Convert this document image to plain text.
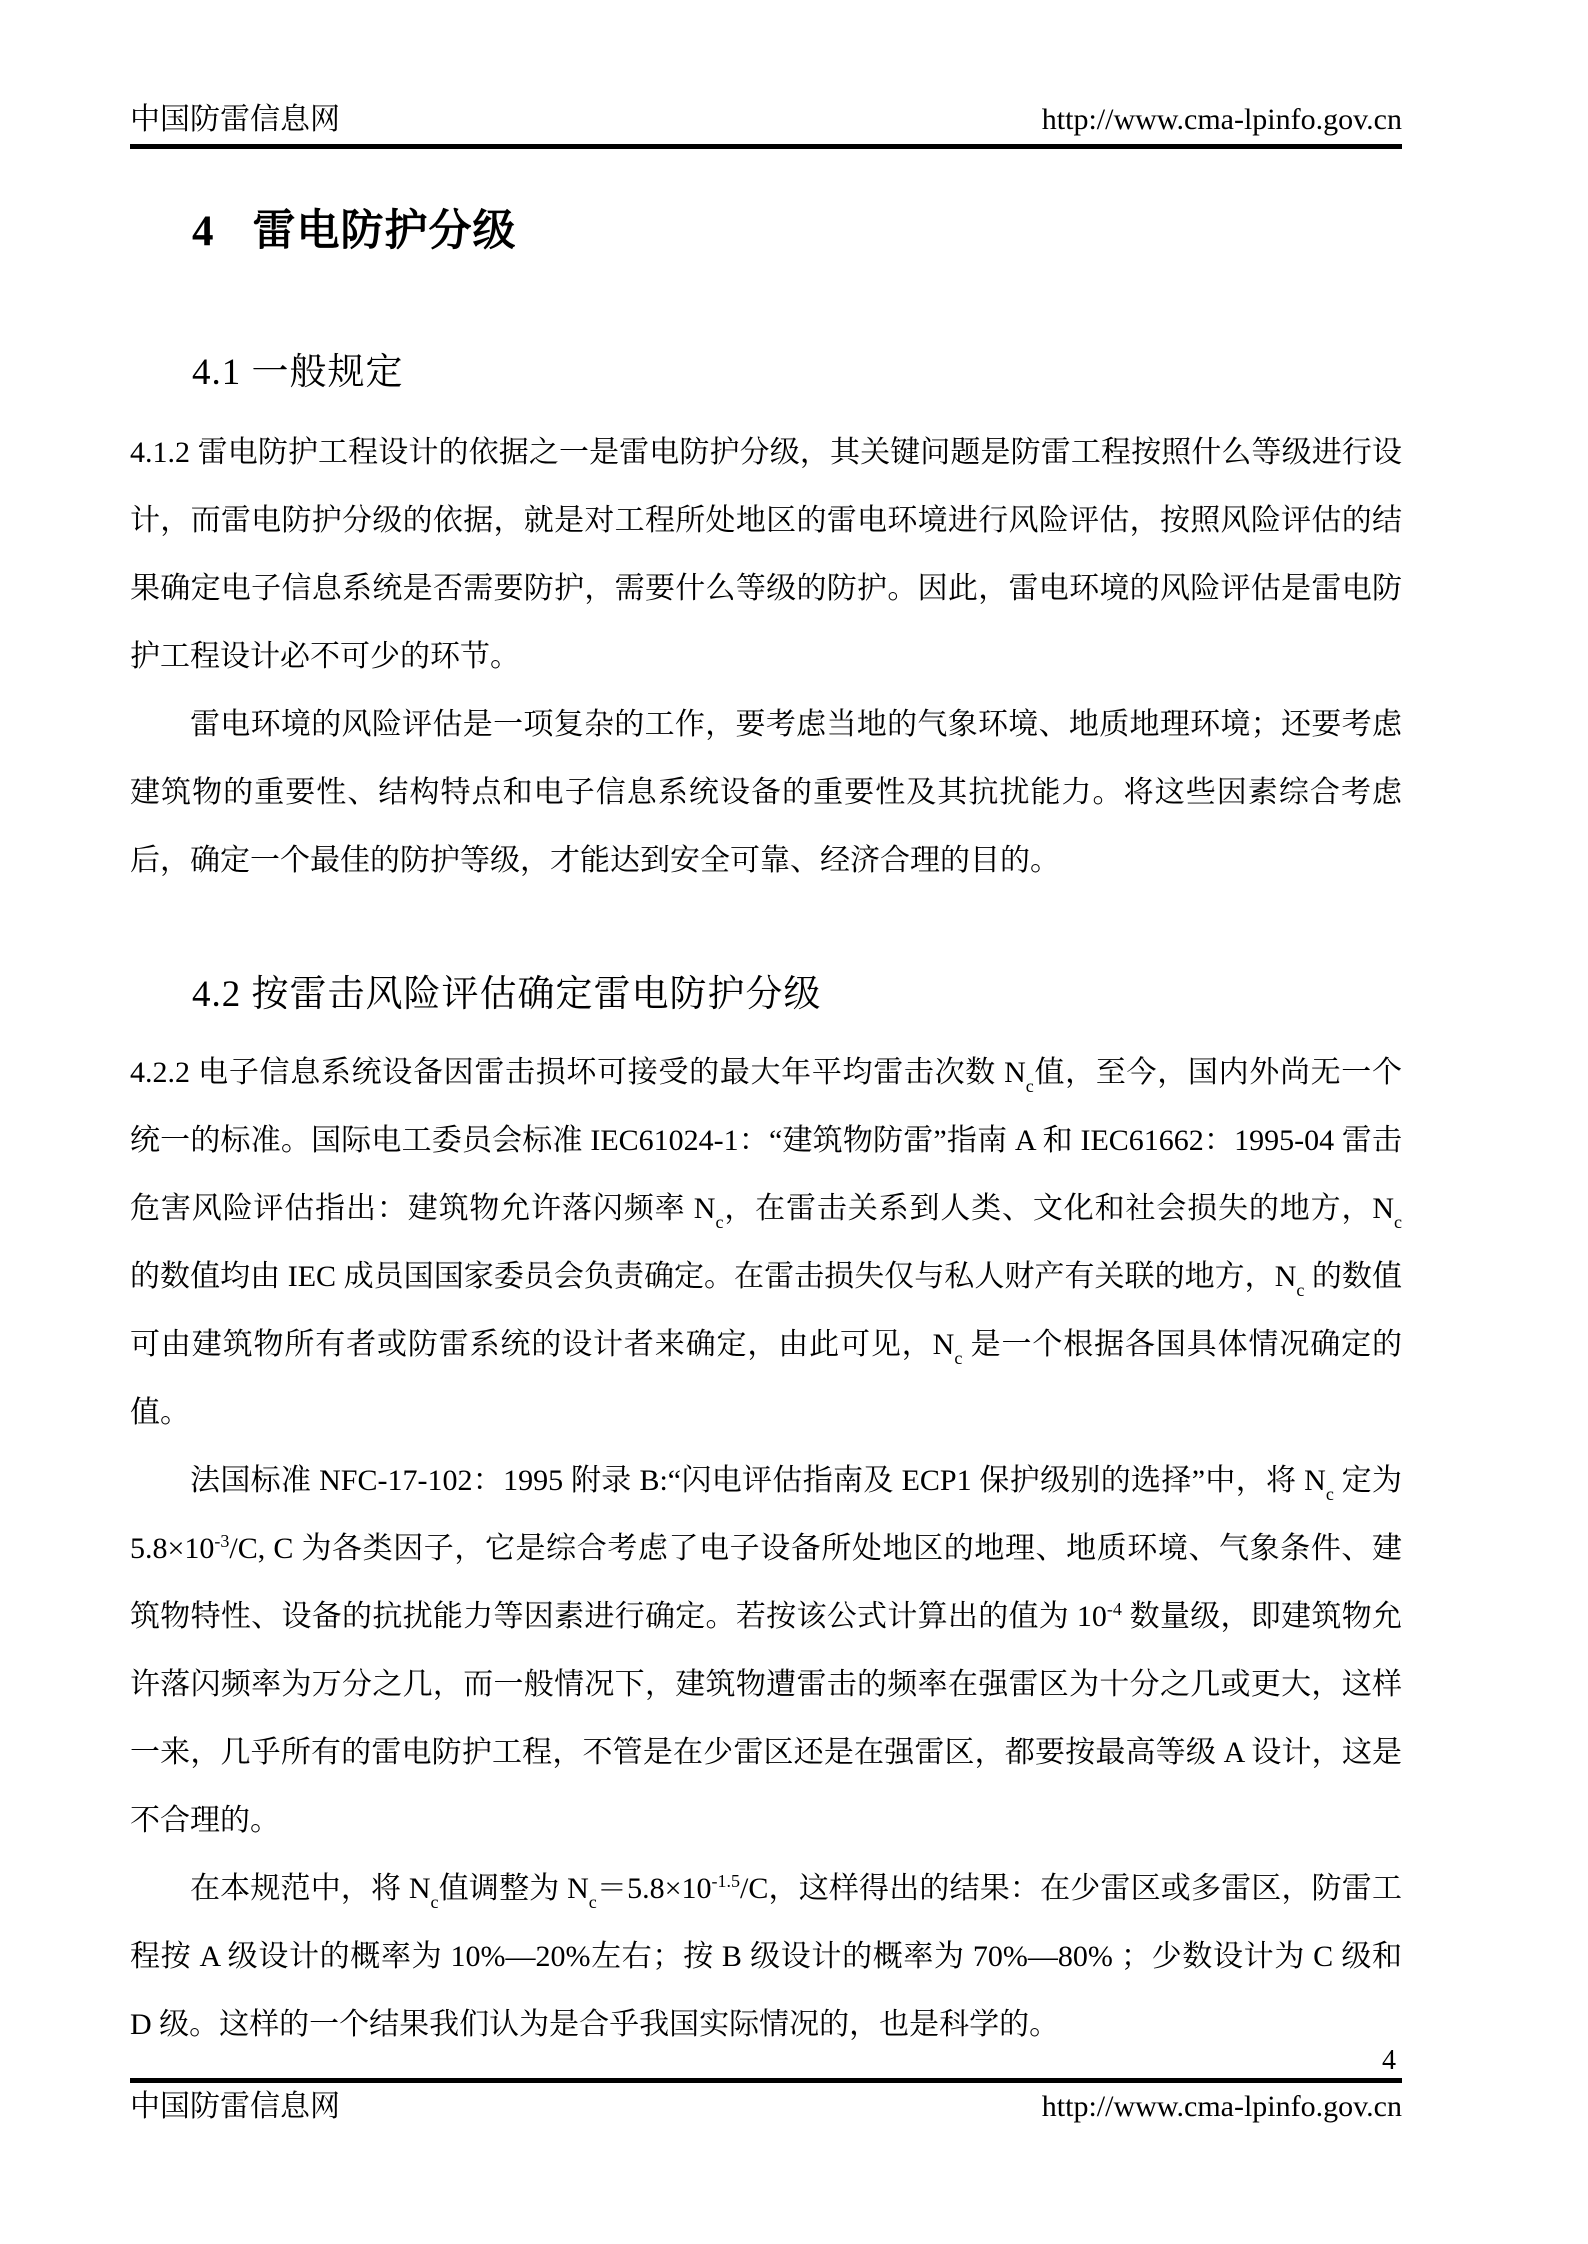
中国防雷信息网	http://www.cma-lpinfo.gov.cn
4 雷电防护分级
4.1 一般规定

4.1.2 雷电防护工程设计的依据之一是雷电防护分级，其关键问题是防雷工程按照什么等级进行设计，而雷电防护分级的依据，就是对工程所处地区的雷电环境进行风险评估，按照风险评估的结果确定电子信息系统是否需要防护，需要什么等级的防护。因此，雷电环境的风险评估是雷电防护工程设计必不可少的环节。

雷电环境的风险评估是一项复杂的工作，要考虑当地的气象环境、地质地理环境；还要考虑建筑物的重要性、结构特点和电子信息系统设备的重要性及其抗扰能力。将这些因素综合考虑后，确定一个最佳的防护等级，才能达到安全可靠、经济合理的目的。

4.2 按雷击风险评估确定雷电防护分级

4.2.2 电子信息系统设备因雷击损坏可接受的最大年平均雷击次数 $N_c$值，至今，国内外尚无一个统一的标准。国际电工委员会标准 IEC61024-1：“建筑物防雷”指南 A 和 IEC61662：1995-04 雷击危害风险评估指出：建筑物允许落闪频率 $N_c$，在雷击关系到人类、文化和社会损失的地方，$N_c$ 的数值均由 IEC 成员国国家委员会负责确定。在雷击损失仅与私人财产有关联的地方，$N_c$ 的数值可由建筑物所有者或防雷系统的设计者来确定，由此可见，$N_c$ 是一个根据各国具体情况确定的值。

法国标准 NFC-17-102：1995 附录 B:“闪电评估指南及 ECP1 保护级别的选择”中，将 $N_c$ 定为 $5.8\times 10^{-3}/C$, C 为各类因子，它是综合考虑了电子设备所处地区的地理、地质环境、气象条件、建筑物特性、设备的抗扰能力等因素进行确定。若按该公式计算出的值为 $10^{-4}$ 数量级，即建筑物允许落闪频率为万分之几，而一般情况下，建筑物遭雷击的频率在强雷区为十分之几或更大，这样一来，几乎所有的雷电防护工程，不管是在少雷区还是在强雷区，都要按最高等级 A 设计，这是不合理的。

在本规范中，将 $N_c$值调整为 $N_c=5.8\times 10^{-1.5}/C$，这样得出的结果：在少雷区或多雷区，防雷工程按 A 级设计的概率为 10%—20%左右；按 B 级设计的概率为 70%—80% ；少数设计为 C 级和 D 级。这样的一个结果我们认为是合乎我国实际情况的，也是科学的。

4
中国防雷信息网	http://www.cma-lpinfo.gov.cn
